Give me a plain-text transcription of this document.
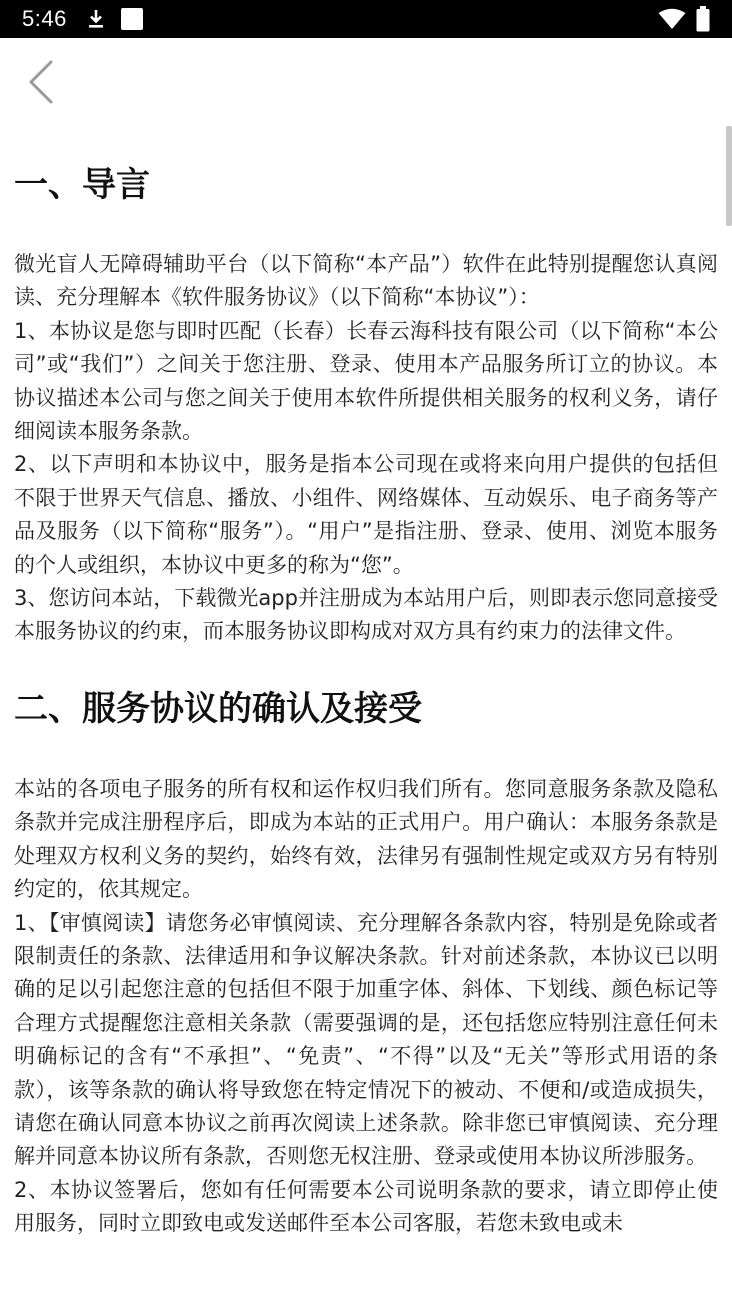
5:46
一、导言

微光盲人无障碍辅助平台（以下简称“本产品”）软件在此特别提醒您认真阅读、充分理解本《软件服务协议》（以下简称“本协议”）：

1、本协议是您与即时匹配（长春）长春云海科技有限公司（以下简称“本公司”或“我们”）之间关于您注册、登录、使用本产品服务所订立的协议。本协议描述本公司与您之间关于使用本软件所提供相关服务的权利义务，请仔细阅读本服务条款。

2、以下声明和本协议中，服务是指本公司现在或将来向用户提供的包括但不限于世界天气信息、播放、小组件、网络媒体、互动娱乐、电子商务等产品及服务（以下简称“服务”）。“用户”是指注册、登录、使用、浏览本服务的个人或组织，本协议中更多的称为“您”。

3、您访问本站，下载微光app并注册成为本站用户后，则即表示您同意接受本服务协议的约束，而本服务协议即构成对双方具有约束力的法律文件。

二、服务协议的确认及接受

本站的各项电子服务的所有权和运作权归我们所有。您同意服务条款及隐私条款并完成注册程序后，即成为本站的正式用户。用户确认：本服务条款是处理双方权利义务的契约，始终有效，法律另有强制性规定或双方另有特别约定的，依其规定。

1、【审慎阅读】请您务必审慎阅读、充分理解各条款内容，特别是免除或者限制责任的条款、法律适用和争议解决条款。针对前述条款，本协议已以明确的足以引起您注意的包括但不限于加重字体、斜体、下划线、颜色标记等合理方式提醒您注意相关条款（需要强调的是，还包括您应特别注意任何未明确标记的含有“不承担”、“免责”、“不得”以及“无关”等形式用语的条款），该等条款的确认将导致您在特定情况下的被动、不便和/或造成损失，请您在确认同意本协议之前再次阅读上述条款。除非您已审慎阅读、充分理解并同意本协议所有条款，否则您无权注册、登录或使用本协议所涉服务。

2、本协议签署后，您如有任何需要本公司说明条款的要求，请立即停止使用服务，同时立即致电或发送邮件至本公司客服，若您未致电或未
